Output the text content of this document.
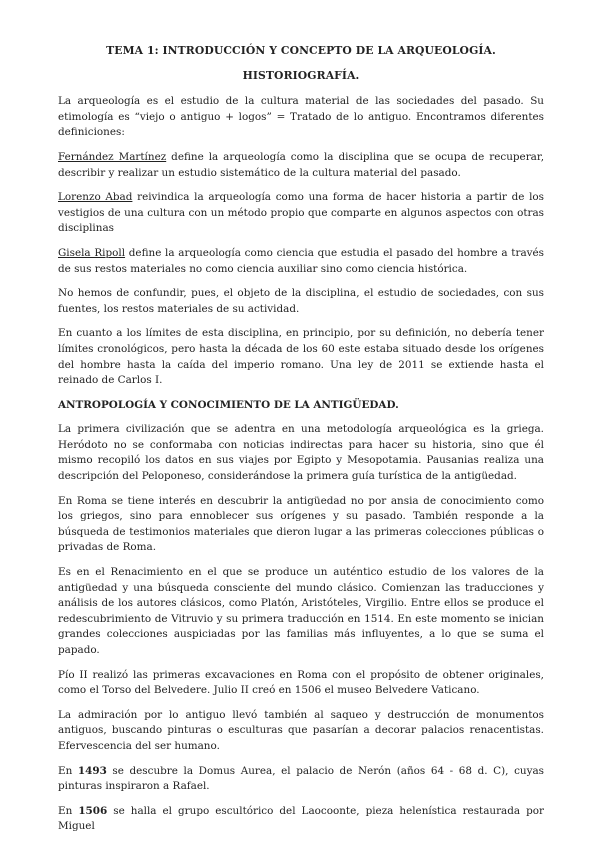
TEMA 1: INTRODUCCIÓN Y CONCEPTO DE LA ARQUEOLOGÍA.
HISTORIOGRAFÍA.

La arqueología es el estudio de la cultura material de las sociedades del pasado. Su etimología es “viejo o antiguo + logos” = Tratado de lo antiguo. Encontramos diferentes definiciones:

Fernández Martínez define la arqueología como la disciplina que se ocupa de recuperar, describir y realizar un estudio sistemático de la cultura material del pasado.

Lorenzo Abad reivindica la arqueología como una forma de hacer historia a partir de los vestigios de una cultura con un método propio que comparte en algunos aspectos con otras disciplinas

Gisela Ripoll define la arqueología como ciencia que estudia el pasado del hombre a través de sus restos materiales no como ciencia auxiliar sino como ciencia histórica.

No hemos de confundir, pues, el objeto de la disciplina, el estudio de sociedades, con sus fuentes, los restos materiales de su actividad.

En cuanto a los límites de esta disciplina, en principio, por su definición, no debería tener límites cronológicos, pero hasta la década de los 60 este estaba situado desde los orígenes del hombre hasta la caída del imperio romano. Una ley de 2011 se extiende hasta el reinado de Carlos I.

ANTROPOLOGÍA Y CONOCIMIENTO DE LA ANTIGÜEDAD.

La primera civilización que se adentra en una metodología arqueológica es la griega. Heródoto no se conformaba con noticias indirectas para hacer su historia, sino que él mismo recopiló los datos en sus viajes por Egipto y Mesopotamia. Pausanias realiza una descripción del Peloponeso, considerándose la primera guía turística de la antigüedad.

En Roma se tiene interés en descubrir la antigüedad no por ansia de conocimiento como los griegos, sino para ennoblecer sus orígenes y su pasado. También responde a la búsqueda de testimonios materiales que dieron lugar a las primeras colecciones públicas o privadas de Roma.

Es en el Renacimiento en el que se produce un auténtico estudio de los valores de la antigüedad y una búsqueda consciente del mundo clásico. Comienzan las traducciones y análisis de los autores clásicos, como Platón, Aristóteles, Virgilio. Entre ellos se produce el redescubrimiento de Vitruvio y su primera traducción en 1514. En este momento se inician grandes colecciones auspiciadas por las familias más influyentes, a lo que se suma el papado.

Pío II realizó las primeras excavaciones en Roma con el propósito de obtener originales, como el Torso del Belvedere. Julio II creó en 1506 el museo Belvedere Vaticano.

La admiración por lo antiguo llevó también al saqueo y destrucción de monumentos antiguos, buscando pinturas o esculturas que pasarían a decorar palacios renacentistas. Efervescencia del ser humano.

En 1493 se descubre la Domus Aurea, el palacio de Nerón (años 64 - 68 d. C), cuyas pinturas inspiraron a Rafael.

En 1506 se halla el grupo escultórico del Laocoonte, pieza helenística restaurada por Miguel
